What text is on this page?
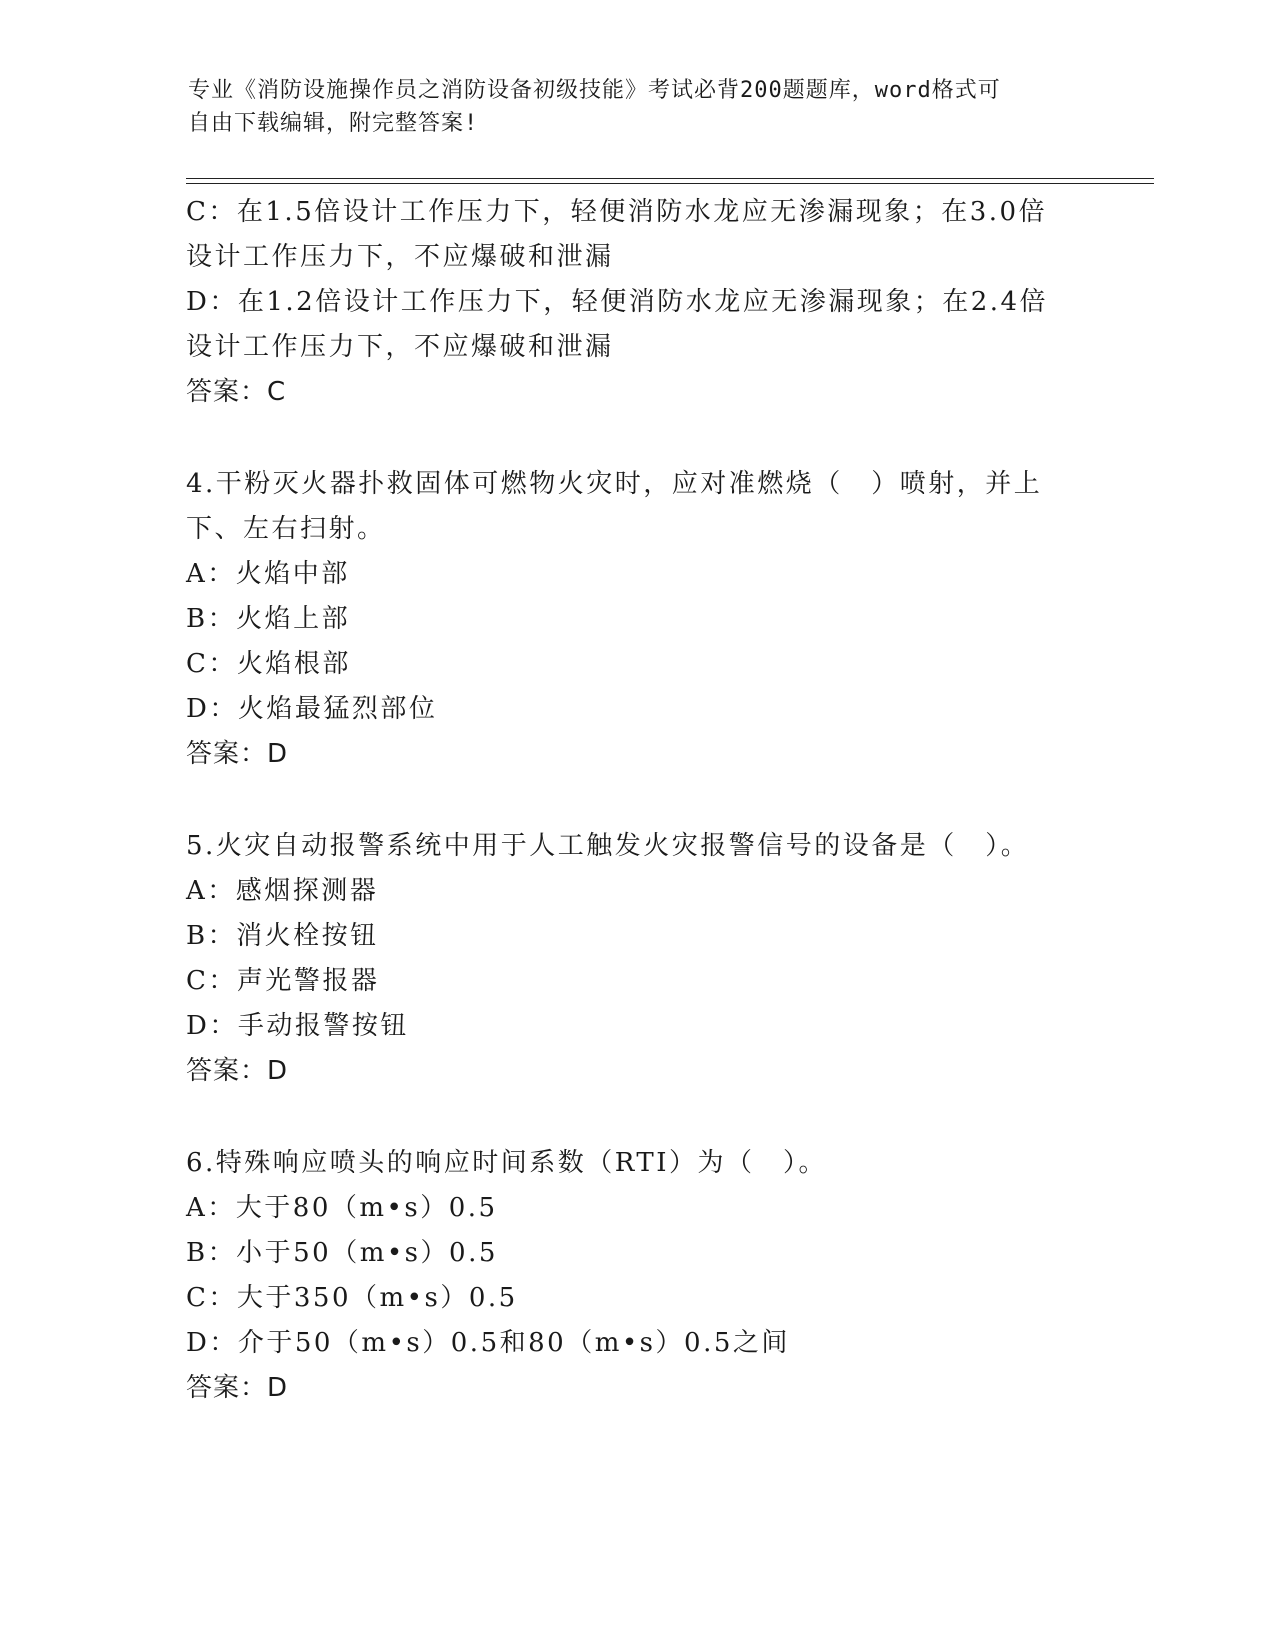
专业《消防设施操作员之消防设备初级技能》考试必背200题题库，word格式可
自由下载编辑，附完整答案!
C：在1.5倍设计工作压力下，轻便消防水龙应无渗漏现象；在3.0倍
设计工作压力下，不应爆破和泄漏
D：在1.2倍设计工作压力下，轻便消防水龙应无渗漏现象；在2.4倍
设计工作压力下，不应爆破和泄漏
答案：C
4.干粉灭火器扑救固体可燃物火灾时，应对准燃烧（　）喷射，并上
下、左右扫射。
A：火焰中部
B：火焰上部
C：火焰根部
D：火焰最猛烈部位
答案：D
5.火灾自动报警系统中用于人工触发火灾报警信号的设备是（　）。
A：感烟探测器
B：消火栓按钮
C：声光警报器
D：手动报警按钮
答案：D
6.特殊响应喷头的响应时间系数（RTI）为（　）。
A：大于80（m•s）0.5
B：小于50（m•s）0.5
C：大于350（m•s）0.5
D：介于50（m•s）0.5和80（m•s）0.5之间
答案：D
